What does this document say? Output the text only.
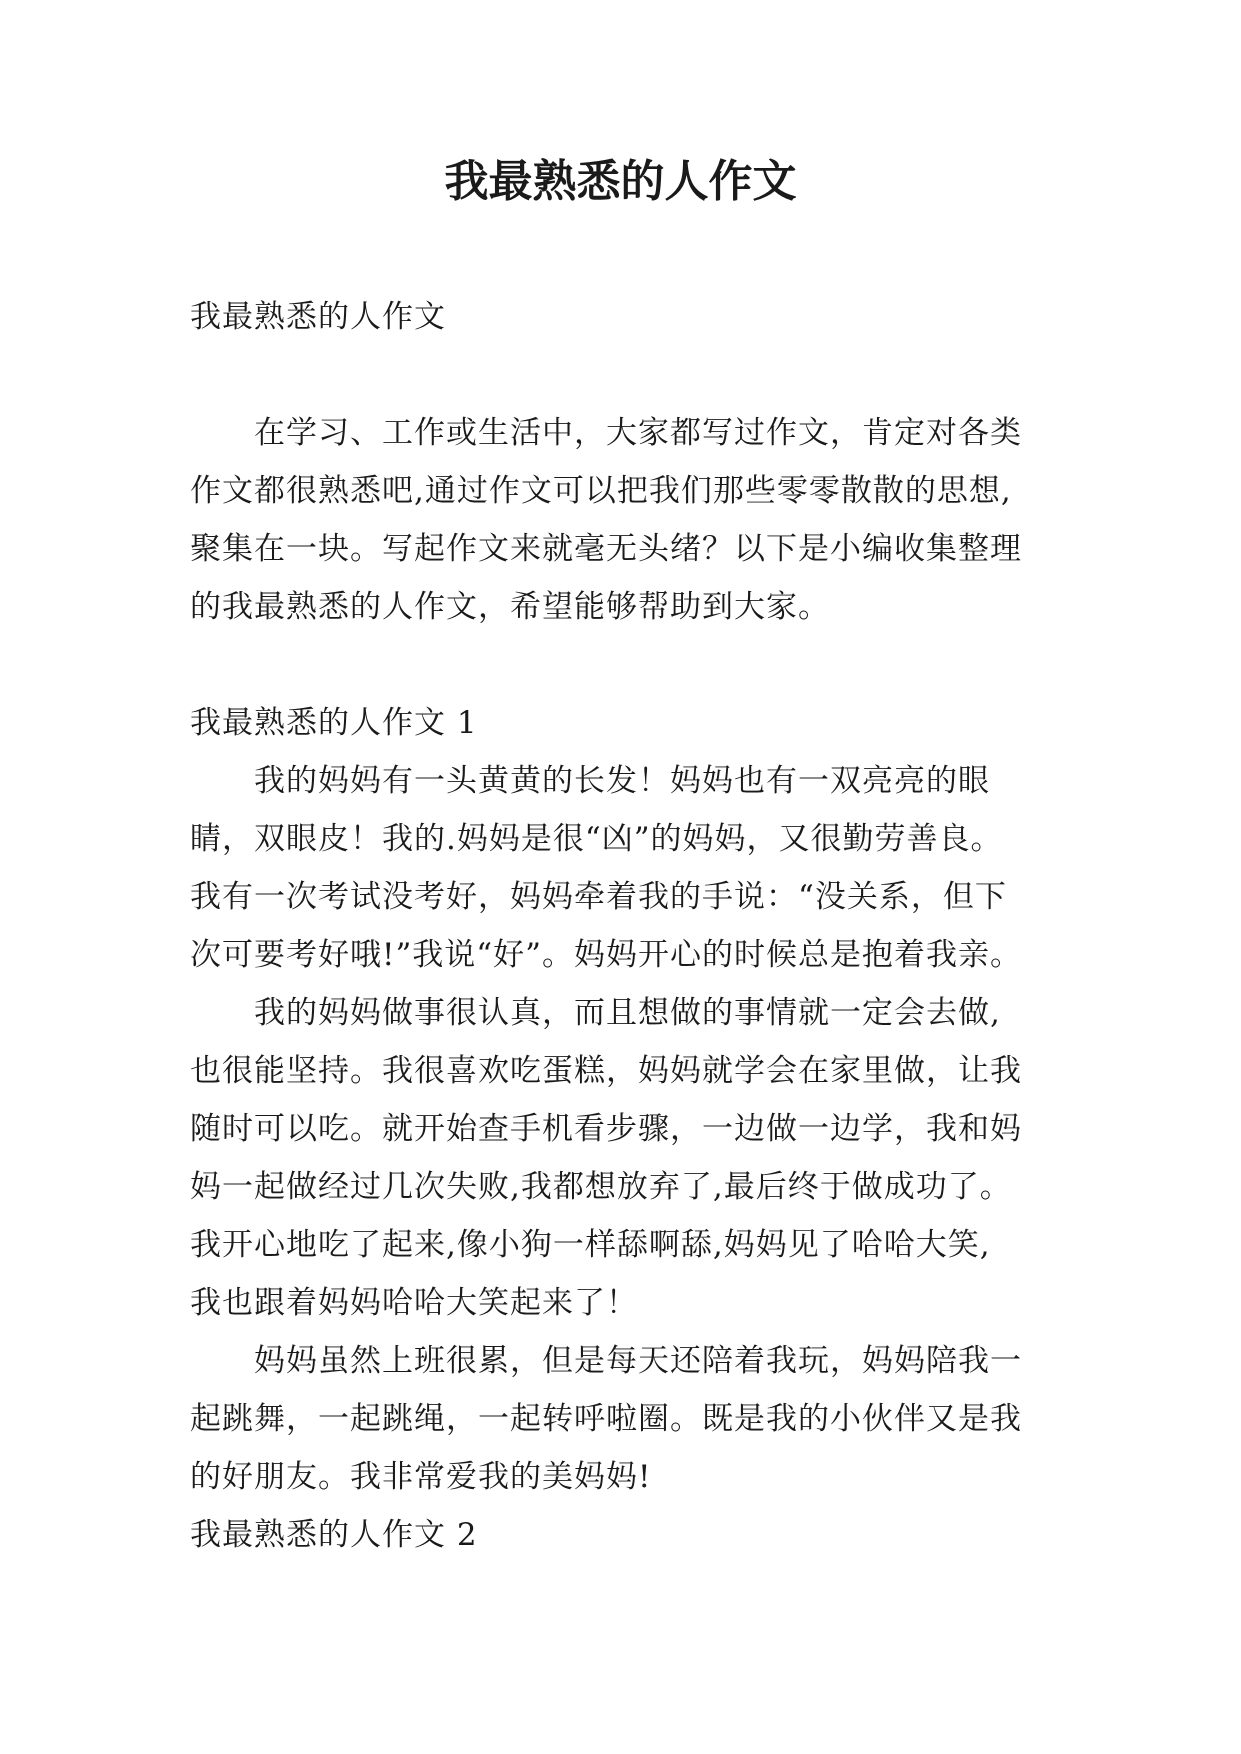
我最熟悉的人作文
我最熟悉的人作文
在学习、工作或生活中，大家都写过作文，肯定对各类
作文都很熟悉吧,通过作文可以把我们那些零零散散的思想,
聚集在一块。写起作文来就毫无头绪？以下是小编收集整理
的我最熟悉的人作文，希望能够帮助到大家。
我最熟悉的人作文 1
我的妈妈有一头黄黄的长发！妈妈也有一双亮亮的眼
睛，双眼皮！我的.妈妈是很“凶”的妈妈，又很勤劳善良。
我有一次考试没考好，妈妈牵着我的手说：“没关系，但下
次可要考好哦!”我说“好”。妈妈开心的时候总是抱着我亲。
我的妈妈做事很认真，而且想做的事情就一定会去做,
也很能坚持。我很喜欢吃蛋糕，妈妈就学会在家里做，让我
随时可以吃。就开始查手机看步骤，一边做一边学，我和妈
妈一起做经过几次失败,我都想放弃了,最后终于做成功了。
我开心地吃了起来,像小狗一样舔啊舔,妈妈见了哈哈大笑,
我也跟着妈妈哈哈大笑起来了！
妈妈虽然上班很累，但是每天还陪着我玩，妈妈陪我一
起跳舞，一起跳绳，一起转呼啦圈。既是我的小伙伴又是我
的好朋友。我非常爱我的美妈妈!
我最熟悉的人作文 2
